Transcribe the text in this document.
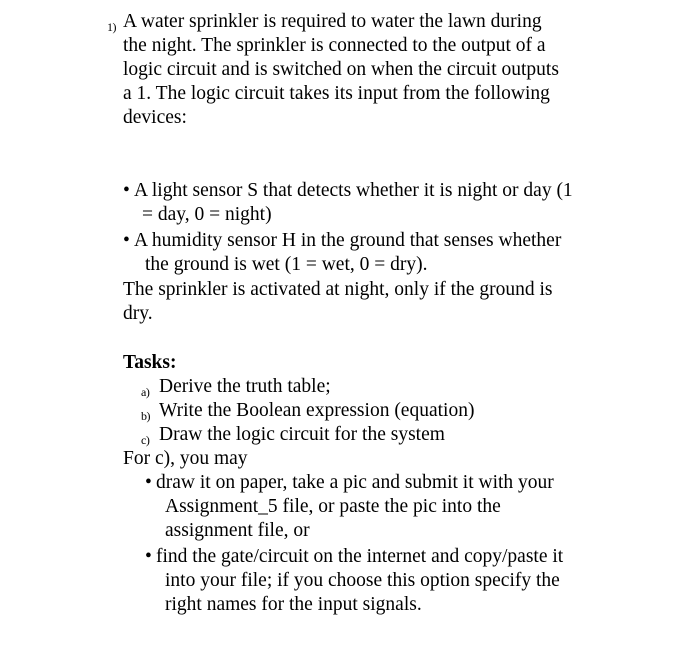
1) A water sprinkler is required to water the lawn during
the night. The sprinkler is connected to the output of a
logic circuit and is switched on when the circuit outputs
a 1. The logic circuit takes its input from the following
devices:
• A light sensor S that detects whether it is night or day (1
= day, 0 = night)
• A humidity sensor H in the ground that senses whether
the ground is wet (1 = wet, 0 = dry).
The sprinkler is activated at night, only if the ground is
dry.
Tasks:
a) Derive the truth table;
b) Write the Boolean expression (equation)
c) Draw the logic circuit for the system
For c), you may
• draw it on paper, take a pic and submit it with your
Assignment_5 file, or paste the pic into the
assignment file, or
• find the gate/circuit on the internet and copy/paste it
into your file; if you choose this option specify the
right names for the input signals.
